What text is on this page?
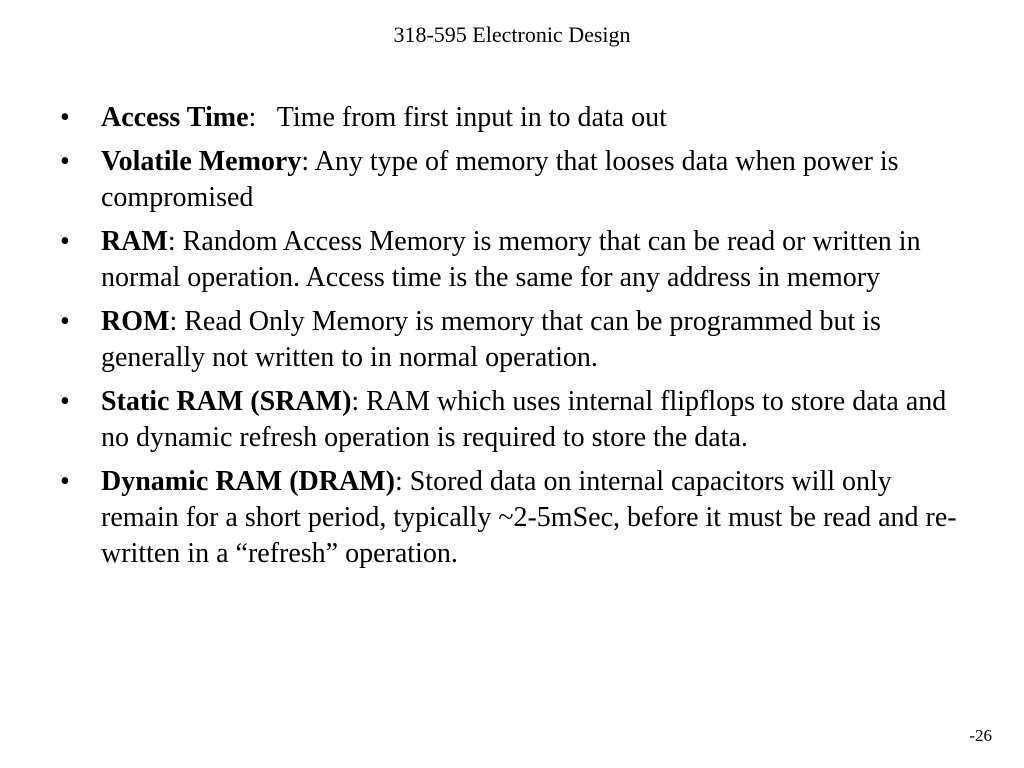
318-595 Electronic Design
• Access Time:   Time from first input in to data out
• Volatile Memory: Any type of memory that looses data when power is compromised
• RAM: Random Access Memory is memory that can be read or written in normal operation. Access time is the same for any address in memory
• ROM: Read Only Memory is memory that can be programmed but is generally not written to in normal operation.
• Static RAM (SRAM): RAM which uses internal flipflops to store data and no dynamic refresh operation is required to store the data.
• Dynamic RAM (DRAM): Stored data on internal capacitors will only remain for a short period, typically ~2-5mSec, before it must be read and re-written in a “refresh” operation.
-26
